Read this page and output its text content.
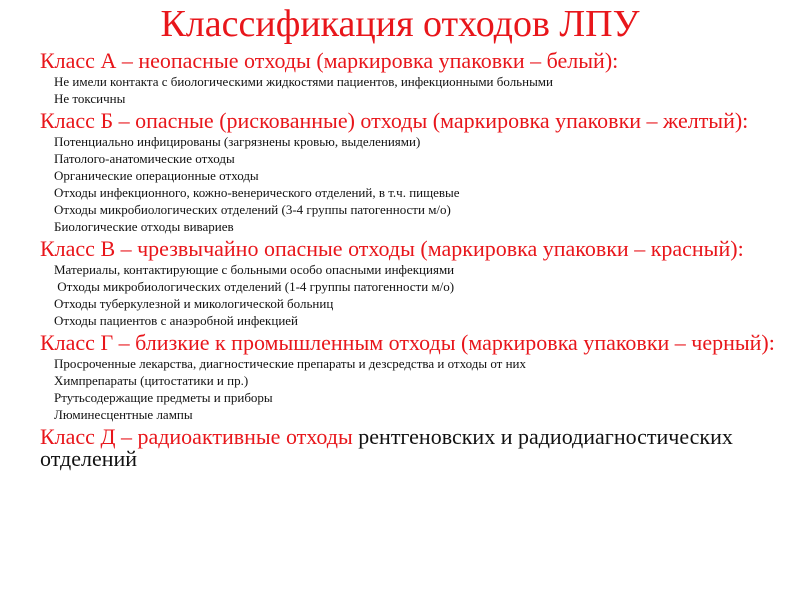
Классификация отходов ЛПУ
Класс А – неопасные отходы (маркировка упаковки – белый):
Не имели контакта с биологическими жидкостями пациентов, инфекционными больными
Не токсичны
Класс Б – опасные (рискованные) отходы (маркировка упаковки – желтый):
Потенциально инфицированы (загрязнены кровью, выделениями)
Патолого-анатомические отходы
Органические операционные отходы
Отходы инфекционного, кожно-венерического отделений, в т.ч. пищевые
Отходы микробиологических отделений (3-4 группы патогенности м/о)
Биологические отходы вивариев
Класс В – чрезвычайно опасные отходы (маркировка упаковки – красный):
Материалы, контактирующие с больными особо опасными инфекциями
Отходы микробиологических отделений (1-4 группы патогенности м/о)
Отходы туберкулезной и микологической больниц
Отходы пациентов с анаэробной инфекцией
Класс Г – близкие к промышленным отходы (маркировка упаковки – черный):
Просроченные лекарства, диагностические препараты и дезсредства и отходы от них
Химпрепараты (цитостатики и пр.)
Ртутьсодержащие предметы и приборы
Люминесцентные лампы
Класс Д – радиоактивные отходы рентгеновских и радиодиагностических отделений
